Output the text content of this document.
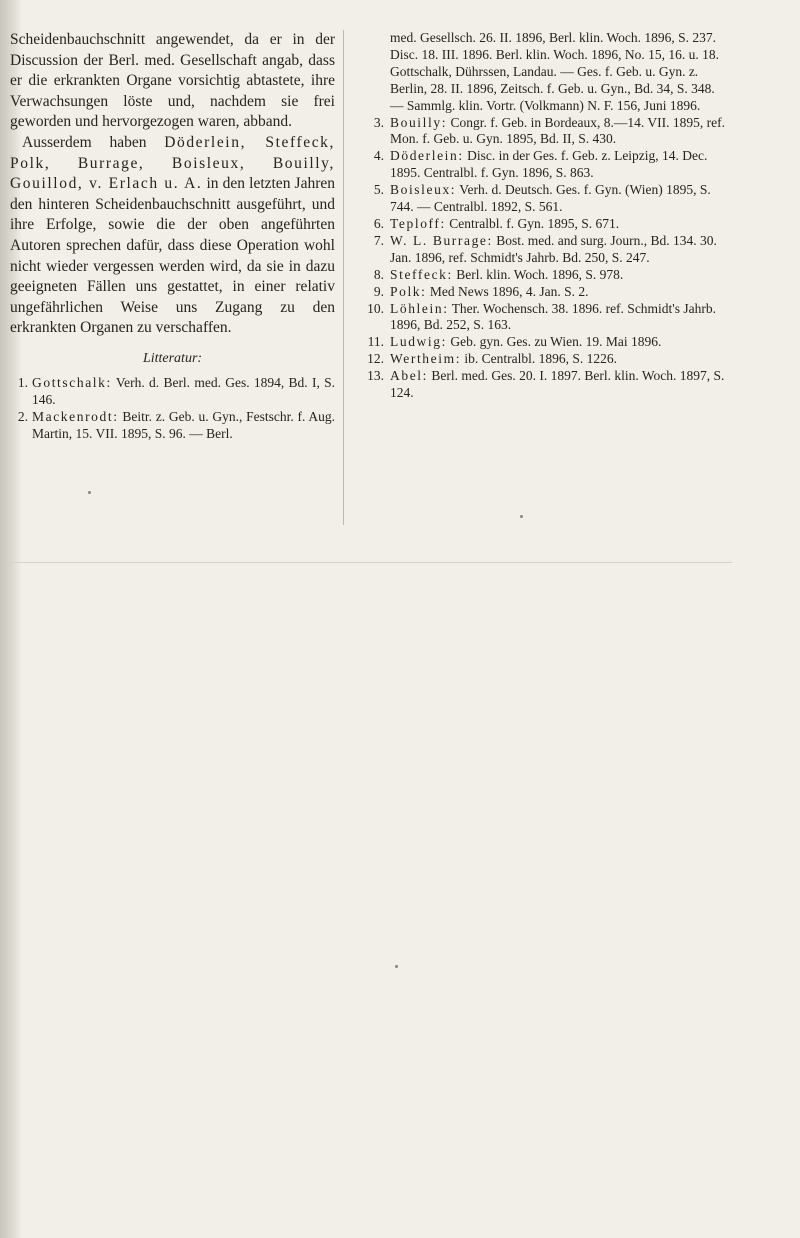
Scheidenbauchschnitt angewendet, da er in der Discussion der Berl. med. Gesellschaft angab, dass er die erkrankten Organe vorsichtig abtastete, ihre Verwachsungen löste und, nachdem sie frei geworden und hervorgezogen waren, abband.

Ausserdem haben Döderlein, Steffeck, Polk, Burrage, Boisleux, Bouilly, Gouillod, v. Erlach u. A. in den letzten Jahren den hinteren Scheidenbauchschnitt ausgeführt, und ihre Erfolge, sowie die der oben angeführten Autoren sprechen dafür, dass diese Operation wohl nicht wieder vergessen werden wird, da sie in dazu geeigneten Fällen uns gestattet, in einer relativ ungefährlichen Weise uns Zugang zu den erkrankten Organen zu verschaffen.

Litteratur:
1. Gottschalk: Verh. d. Berl. med. Ges. 1894, Bd. I, S. 146.
2. Mackenrodt: Beitr. z. Geb. u. Gyn., Festschr. f. Aug. Martin, 15. VII. 1895, S. 96. — Berl.
med. Gesellsch. 26. II. 1896, Berl. klin. Woch. 1896, S. 237. Disc. 18. III. 1896. Berl. klin. Woch. 1896, No. 15, 16. u. 18. Gottschalk, Dührssen, Landau. — Ges. f. Geb. u. Gyn. z. Berlin, 28. II. 1896, Zeitsch. f. Geb. u. Gyn., Bd. 34, S. 348. — Sammlg. klin. Vortr. (Volkmann) N. F. 156, Juni 1896.
3. Bouilly: Congr. f. Geb. in Bordeaux, 8.—14. VII. 1895, ref. Mon. f. Geb. u. Gyn. 1895, Bd. II, S. 430.
4. Döderlein: Disc. in der Ges. f. Geb. z. Leipzig, 14. Dec. 1895. Centralbl. f. Gyn. 1896, S. 863.
5. Boisleux: Verh. d. Deutsch. Ges. f. Gyn. (Wien) 1895, S. 744. — Centralbl. 1892, S. 561.
6. Teploff: Centralbl. f. Gyn. 1895, S. 671.
7. W. L. Burrage: Bost. med. and surg. Journ., Bd. 134. 30. Jan. 1896, ref. Schmidt's Jahrb. Bd. 250, S. 247.
8. Steffeck: Berl. klin. Woch. 1896, S. 978.
9. Polk: Med News 1896, 4. Jan. S. 2.
10. Löhlein: Ther. Wochensch. 38. 1896. ref. Schmidt's Jahrb. 1896, Bd. 252, S. 163.
11. Ludwig: Geb. gyn. Ges. zu Wien. 19. Mai 1896.
12. Wertheim: ib. Centralbl. 1896, S. 1226.
13. Abel: Berl. med. Ges. 20. I. 1897. Berl. klin. Woch. 1897, S. 124.
